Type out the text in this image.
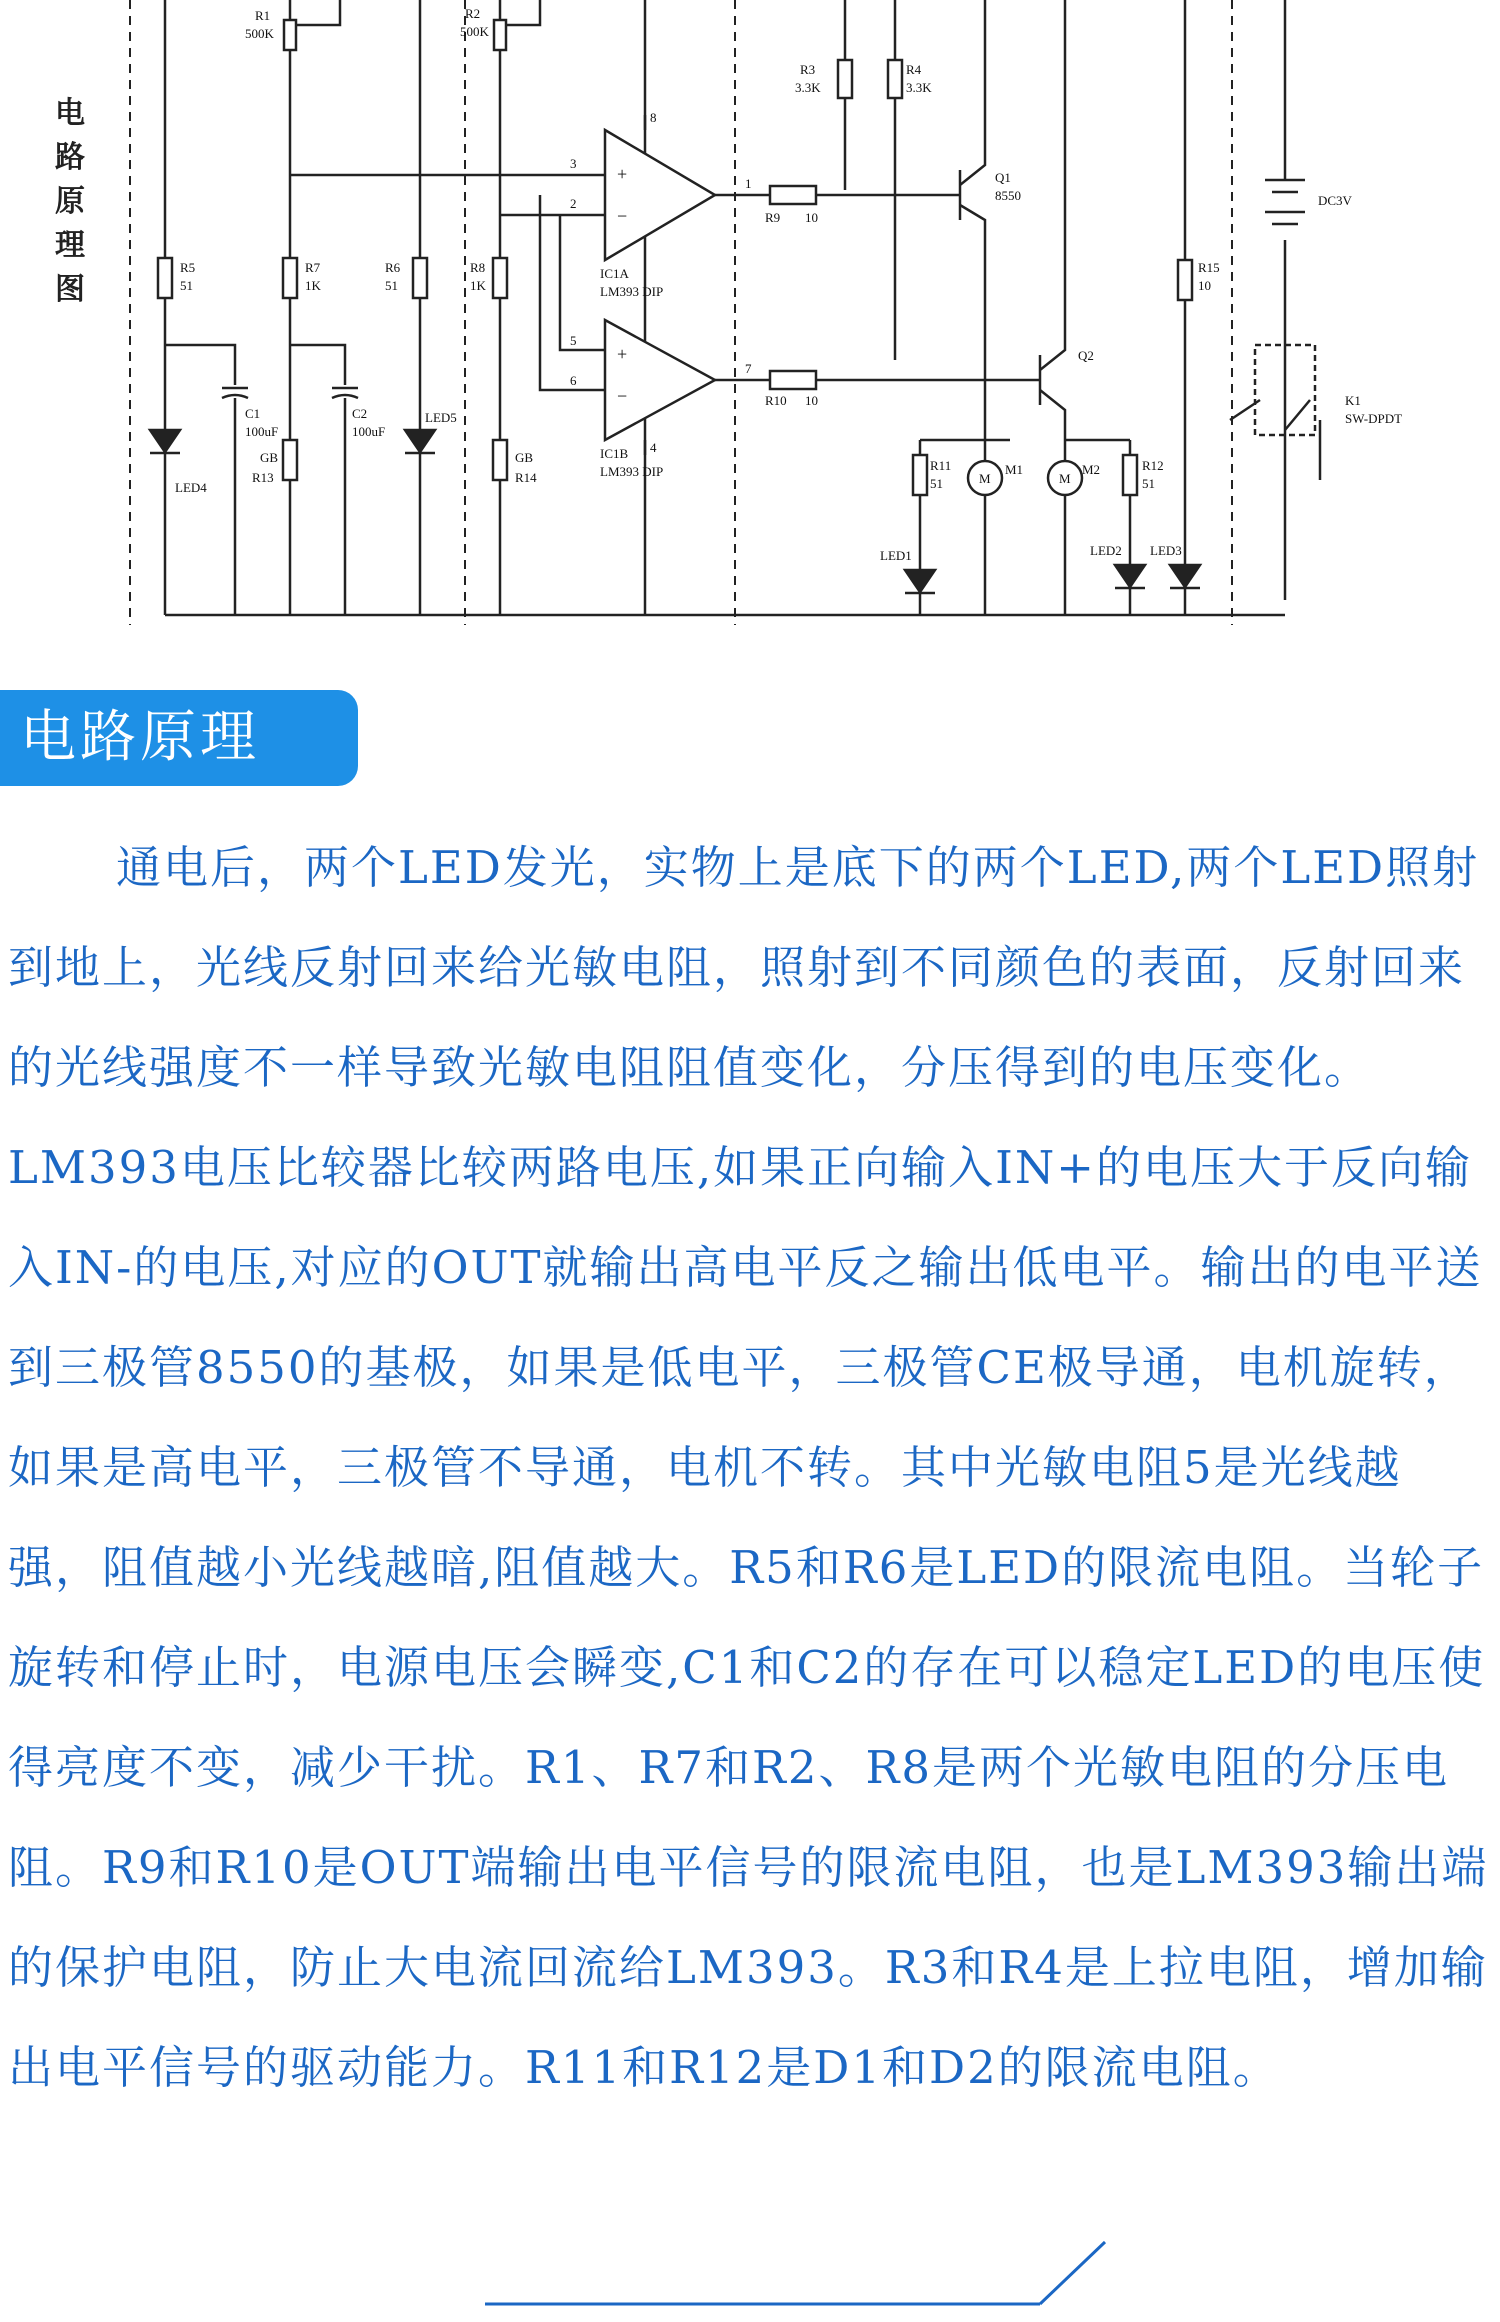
R1
500K
R2
500K
R3
3.3K
R4
3.3K
R5
51
R6
51
R7
1K
R8
1K
R9 10
R10 10
R11
51
R12
51
R13
GB
R14
GB
R15
10
C1
100uF
C2
100uF
IC1A
LM393 DIP
IC1B
LM393 DIP
Q1
8550
Q2
M1
M
M2
M
LED1	LED2 LED3
LED4
LED5
DC3V
K1
SW-DPDT
3
2
1
5
6
7
8
4
+
−
+
−
电路原理图
电路原理

通电后，两个LED发光，实物上是底下的两个LED,两个LED照射到地上，光线反射回来给光敏电阻，照射到不同颜色的表面，反射回来的光线强度不一样导致光敏电阻阻值变化，分压得到的电压变化。LM393电压比较器比较两路电压,如果正向输入IN+的电压大于反向输入IN-的电压,对应的OUT就输出高电平反之输出低电平。输出的电平送到三极管8550的基极，如果是低电平，三极管CE极导通，电机旋转，如果是高电平，三极管不导通，电机不转。其中光敏电阻5是光线越强，阻值越小光线越暗,阻值越大。R5和R6是LED的限流电阻。当轮子旋转和停止时，电源电压会瞬变,C1和C2的存在可以稳定LED的电压使得亮度不变，减少干扰。R1、R7和R2、R8是两个光敏电阻的分压电阻。R9和R10是OUT端输出电平信号的限流电阻，也是LM393输出端的保护电阻，防止大电流回流给LM393。R3和R4是上拉电阻，增加输出电平信号的驱动能力。R11和R12是D1和D2的限流电阻。
